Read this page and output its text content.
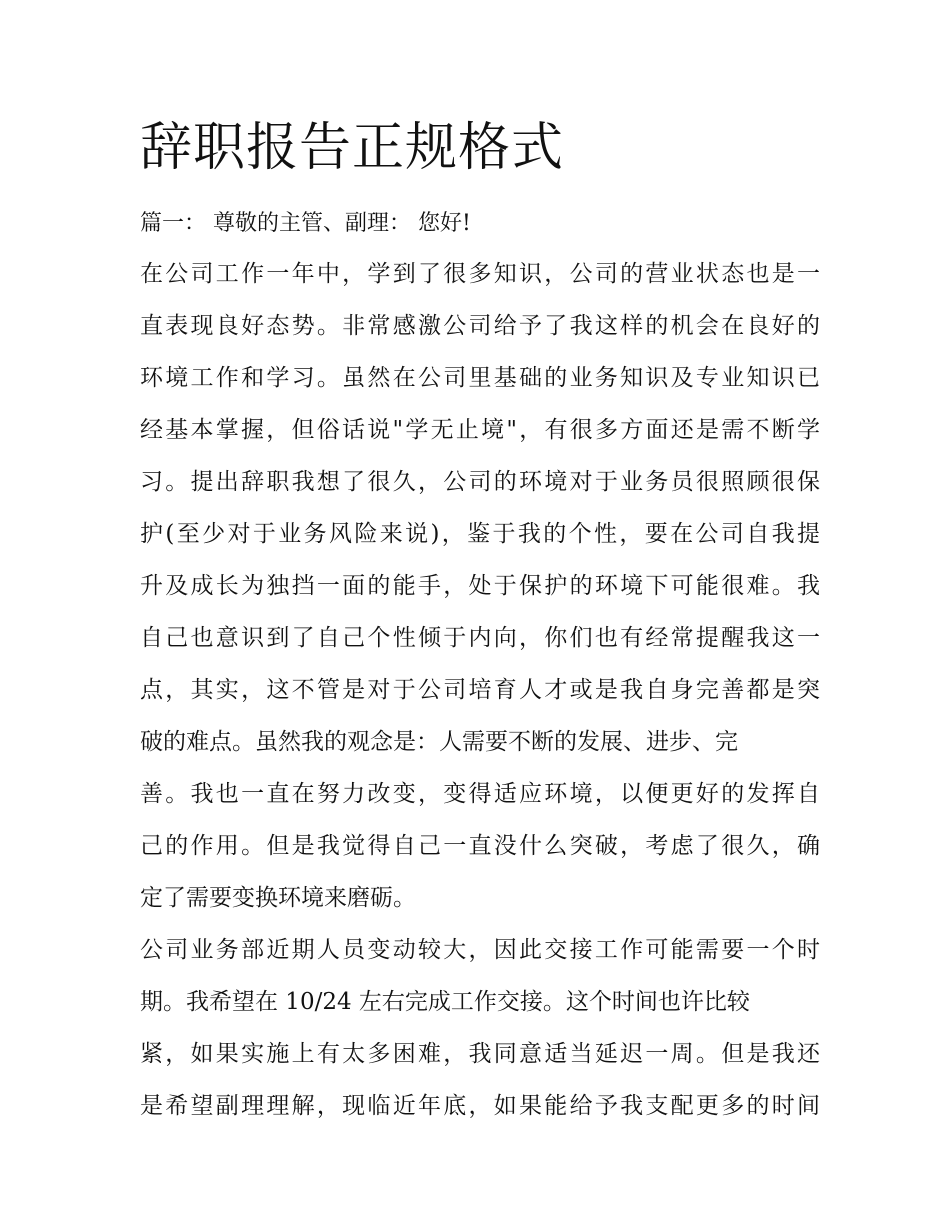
辞职报告正规格式
篇一： 尊敬的主管、副理： 您好!
在公司工作一年中，学到了很多知识，公司的营业状态也是一
直表现良好态势。非常感激公司给予了我这样的机会在良好的
环境工作和学习。虽然在公司里基础的业务知识及专业知识已
经基本掌握，但俗话说"学无止境"，有很多方面还是需不断学
习。提出辞职我想了很久，公司的环境对于业务员很照顾很保
护(至少对于业务风险来说)，鉴于我的个性，要在公司自我提
升及成长为独挡一面的能手，处于保护的环境下可能很难。我
自己也意识到了自己个性倾于内向，你们也有经常提醒我这一
点，其实，这不管是对于公司培育人才或是我自身完善都是突
破的难点。虽然我的观念是：人需要不断的发展、进步、完
善。我也一直在努力改变，变得适应环境，以便更好的发挥自
己的作用。但是我觉得自己一直没什么突破，考虑了很久，确
定了需要变换环境来磨砺。
公司业务部近期人员变动较大，因此交接工作可能需要一个时
期。我希望在 10/24 左右完成工作交接。这个时间也许比较
紧，如果实施上有太多困难，我同意适当延迟一周。但是我还
是希望副理理解，现临近年底，如果能给予我支配更多的时间
